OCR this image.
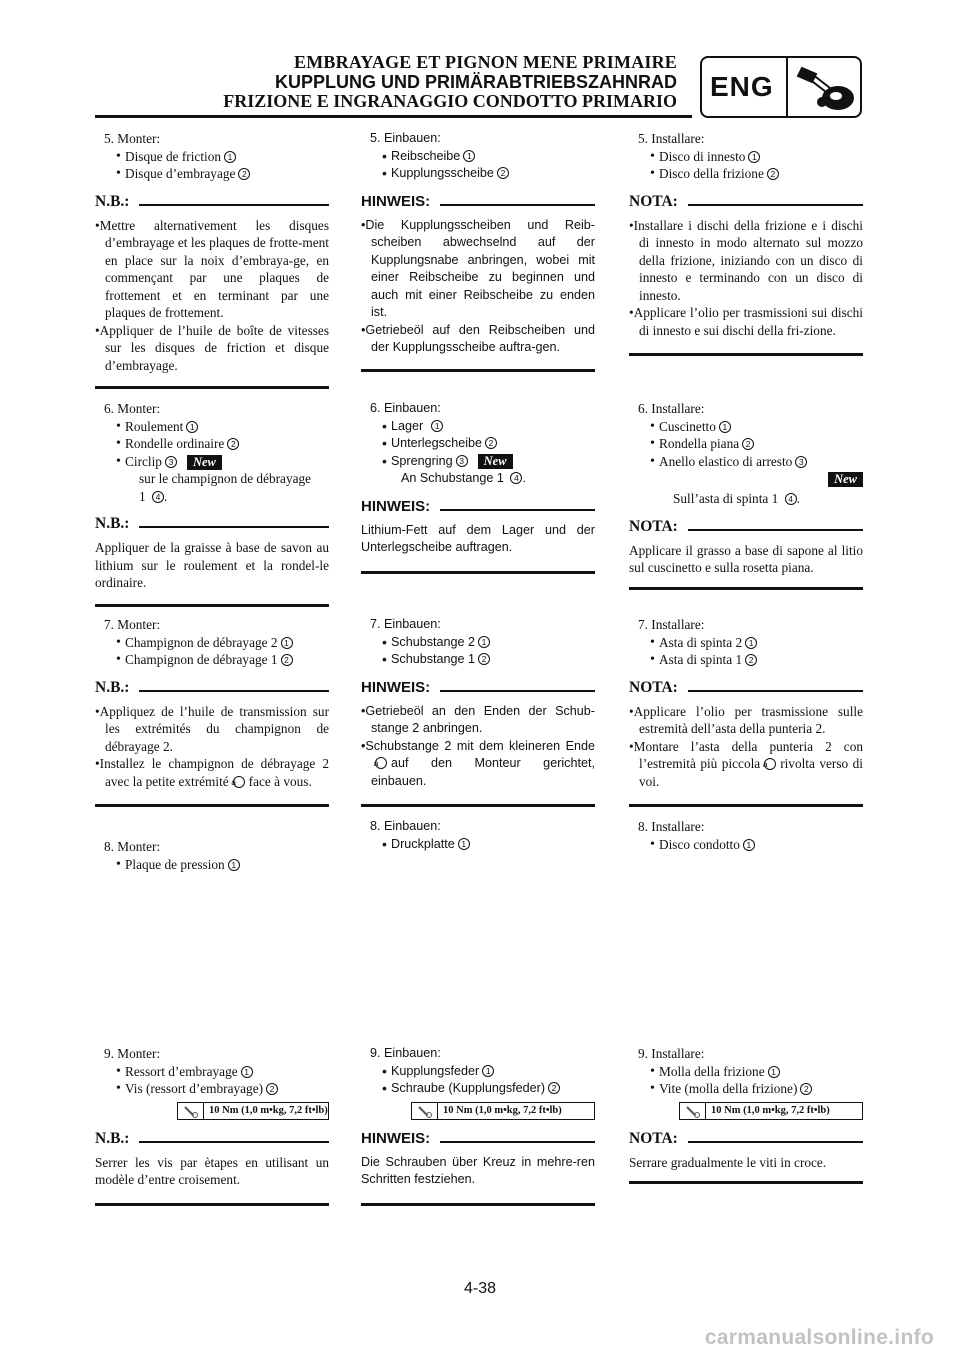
EMBRAYAGE ET PIGNON MENE PRIMAIRE
KUPPLUNG UND PRIMÄRABTRIEBSZAHNRAD
FRIZIONE E INGRANAGGIO CONDOTTO PRIMARIO ENG
5. Monter:
• Disque de friction 1
• Disque d’embrayage 2
N.B.:
•Mettre alternativement les disques d’embrayage et les plaques de frotte-ment en place sur la noix d’embraya-ge, en commençant par une plaques de frottement et en terminant par une plaques de frottement.
•Appliquer de l’huile de boîte de vitesses sur les disques de friction et disque d’embrayage.
6. Monter:
• Roulement 1
• Rondelle ordinaire 2
• Circlip 3 New
sur le champignon de débrayage
1 4 .
N.B.:
Appliquer de la graisse à base de savon au lithium sur le roulement et la rondel-le ordinaire.
7. Monter:
• Champignon de débrayage 2 1
• Champignon de débrayage 1 2
N.B.:
•Appliquez de l’huile de transmission sur les extrémités du champignon de débrayage 2.
•Installez le champignon de débrayage 2 avec la petite extrémité a face à vous.
8. Monter:
• Plaque de pression 1
9. Monter:
• Ressort d’embrayage 1
• Vis (ressort d’embrayage) 2
10 Nm (1,0 m•kg, 7,2 ft•lb)
N.B.:
Serrer les vis par ètapes en utilisant un modèle d’entre croisement.
5. Einbauen:
• Reibscheibe 1
• Kupplungsscheibe 2
HINWEIS:
•Die Kupplungsscheiben und Reib-scheiben abwechselnd auf der Kupplungsnabe anbringen, wobei mit einer Reibscheibe zu beginnen und auch mit einer Reibscheibe zu enden ist.
•Getriebeöl auf den Reibscheiben und der Kupplungsscheibe auftra-gen.
6. Einbauen:
• Lager 1
• Unterlegscheibe 2
• Sprengring 3 New
An Schubstange 1 4 .
HINWEIS:
Lithium-Fett auf dem Lager und der Unterlegscheibe auftragen.
7. Einbauen:
• Schubstange 2 1
• Schubstange 1 2
HINWEIS:
•Getriebeöl an den Enden der Schub-stange 2 anbringen.
•Schubstange 2 mit dem kleineren Endea auf den Monteur gerichtet, einbauen.
8. Einbauen:
• Druckplatte 1
9. Einbauen:
• Kupplungsfeder 1
• Schraube (Kupplungsfeder) 2
10 Nm (1,0 m•kg, 7,2 ft•lb)
HINWEIS:
Die Schrauben über Kreuz in mehre-ren Schritten festziehen.
5. Installare:
• Disco di innesto 1
• Disco della frizione 2
NOTA:
•Installare i dischi della frizione e i dischi di innesto in modo alternato sul mozzo della frizione, iniziando con un disco di innesto e terminando con un disco di innesto.
•Applicare l’olio per trasmissioni sui dischi di innesto e sui dischi della fri-zione.
6. Installare:
• Cuscinetto 1
• Rondella piana 2
• Anello elastico di arresto 3
New
Sull’asta di spinta 1 4 .
NOTA:
Applicare il grasso a base di sapone al litio sul cuscinetto e sulla rosetta piana.
7. Installare:
• Asta di spinta 2 1
• Asta di spinta 1 2
NOTA:
•Applicare l’olio per trasmissione sulle estremità dell’asta della punteria 2.
•Montare l’asta della punteria 2 con l’estremità più piccola a rivolta verso di voi.
8. Installare:
• Disco condotto 1
9. Installare:
• Molla della frizione 1
• Vite (molla della frizione) 2
10 Nm (1,0 m•kg, 7,2 ft•lb)
NOTA:
Serrare gradualmente le viti in croce.
4-38
carmanualsonline.info
